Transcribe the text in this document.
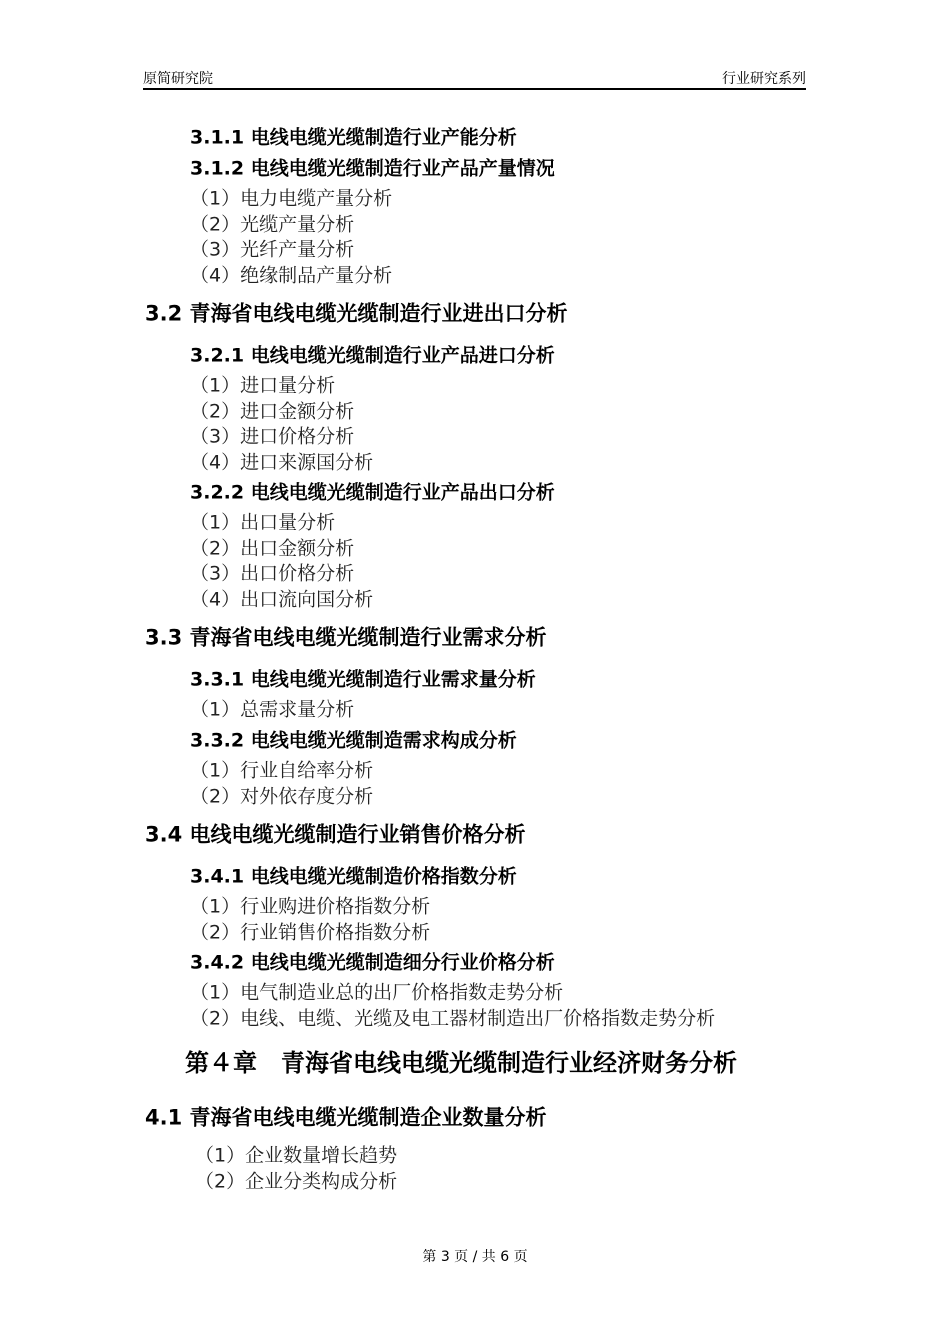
原简研究院	行业研究系列
3.1.1 电线电缆光缆制造行业产能分析
3.1.2 电线电缆光缆制造行业产品产量情况
（1）电力电缆产量分析
（2）光缆产量分析
（3）光纤产量分析
（4）绝缘制品产量分析
3.2 青海省电线电缆光缆制造行业进出口分析
3.2.1 电线电缆光缆制造行业产品进口分析
（1）进口量分析
（2）进口金额分析
（3）进口价格分析
（4）进口来源国分析
3.2.2 电线电缆光缆制造行业产品出口分析
（1）出口量分析
（2）出口金额分析
（3）出口价格分析
（4）出口流向国分析
3.3 青海省电线电缆光缆制造行业需求分析
3.3.1 电线电缆光缆制造行业需求量分析
（1）总需求量分析
3.3.2 电线电缆光缆制造需求构成分析
（1）行业自给率分析
（2）对外依存度分析
3.4 电线电缆光缆制造行业销售价格分析
3.4.1 电线电缆光缆制造价格指数分析
（1）行业购进价格指数分析
（2）行业销售价格指数分析
3.4.2 电线电缆光缆制造细分行业价格分析
（1）电气制造业总的出厂价格指数走势分析
（2）电线、电缆、光缆及电工器材制造出厂价格指数走势分析
第４章　青海省电线电缆光缆制造行业经济财务分析
4.1 青海省电线电缆光缆制造企业数量分析
（1）企业数量增长趋势
（2）企业分类构成分析
第 3 页 / 共 6 页
